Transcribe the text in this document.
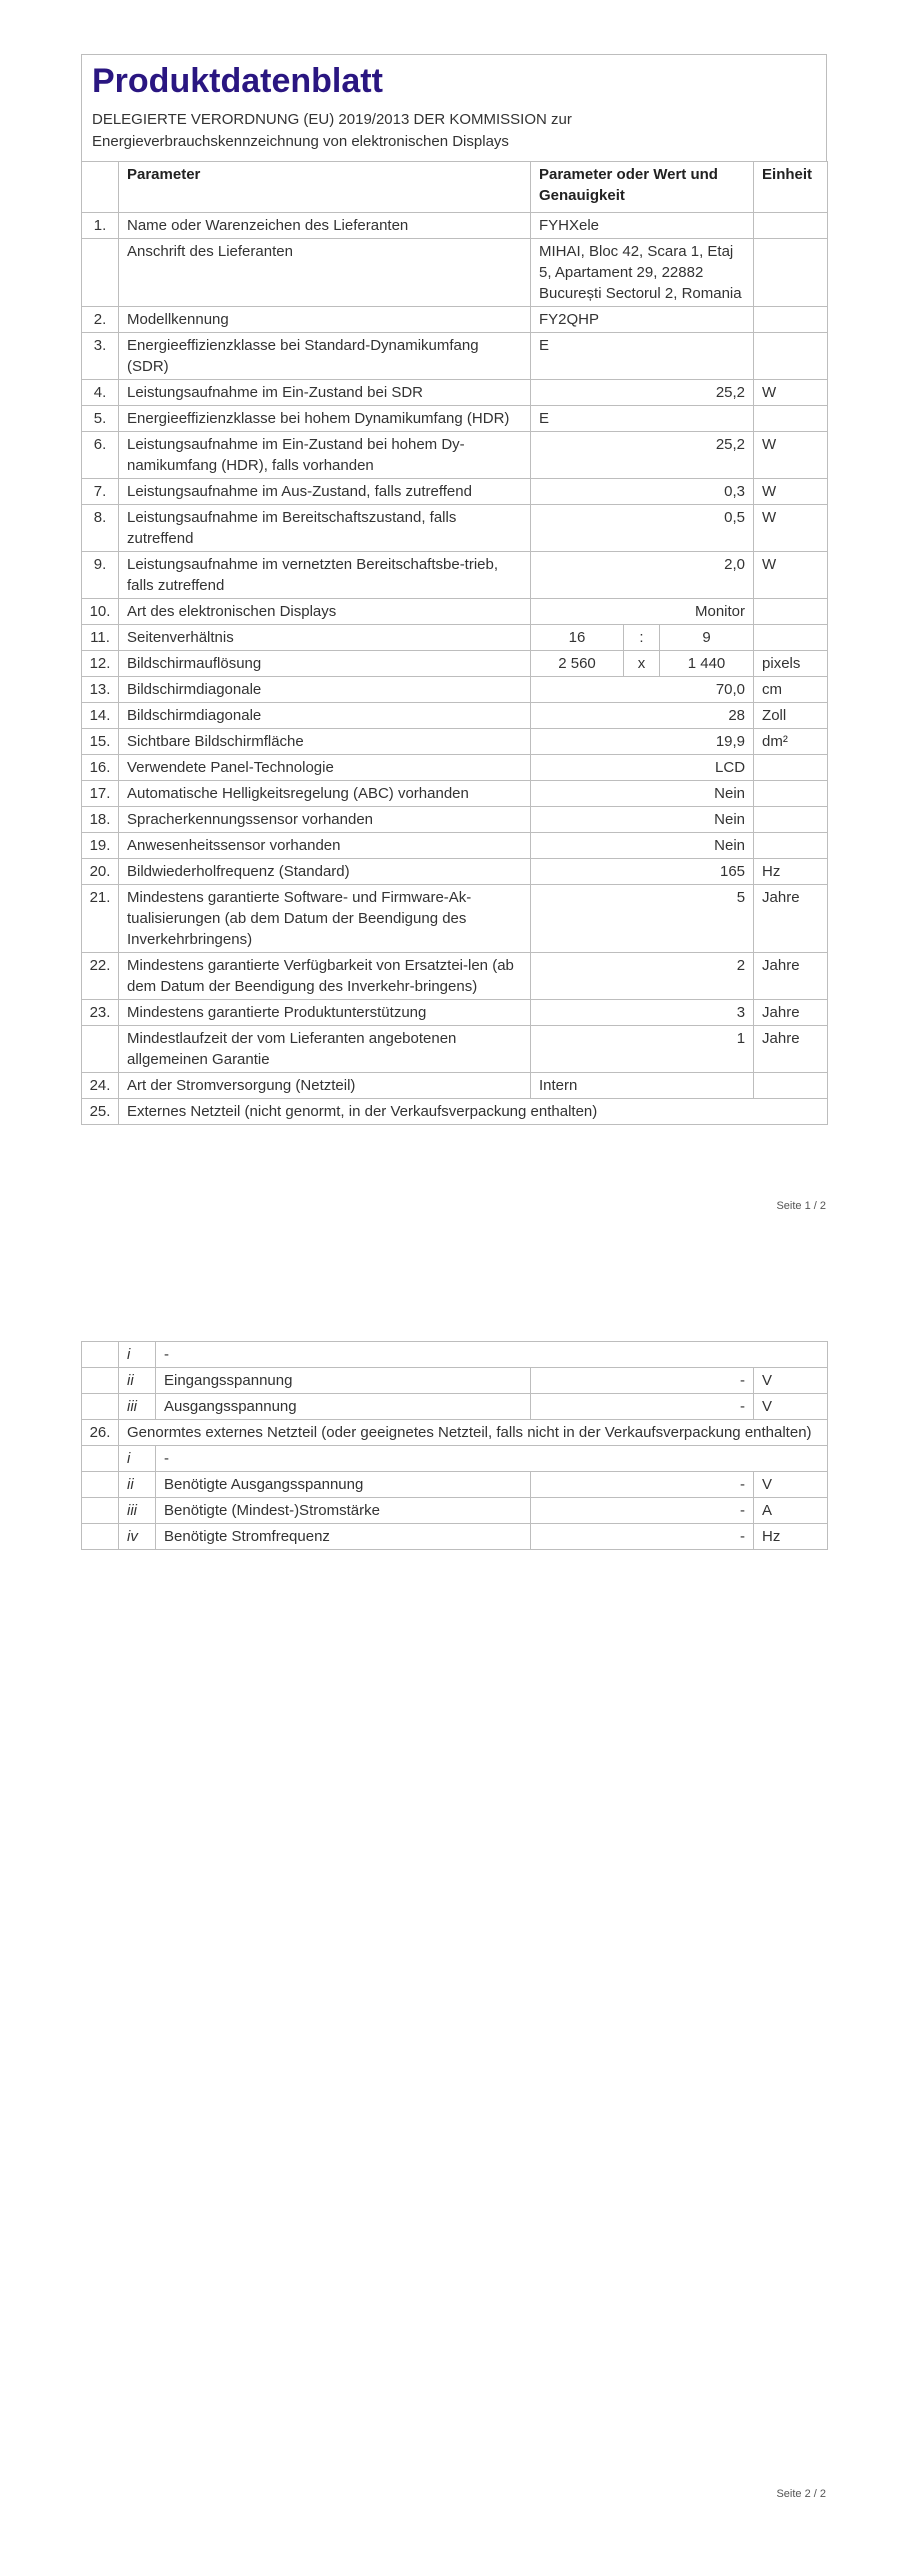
Produktdatenblatt
DELEGIERTE VERORDNUNG (EU) 2019/2013 DER KOMMISSION zur
Energieverbrauchskennzeichnung von elektronischen Displays
	Parameter	Parameter oder Wert und Genauigkeit			Einheit
1.	Name oder Warenzeichen des Lieferanten	FYHXele			
	Anschrift des Lieferanten	MIHAI, Bloc 42, Scara 1, Etaj 5, Apartament 29, 22882 București Sectorul 2, Romania			
2.	Modellkennung	FY2QHP			
3.	Energieeffizienzklasse bei Standard-Dynamikumfang (SDR)	E			
4.	Leistungsaufnahme im Ein-Zustand bei SDR	25,2			W
5.	Energieeffizienzklasse bei hohem Dynamikumfang (HDR)	E			
6.	Leistungsaufnahme im Ein-Zustand bei hohem Dy-namikumfang (HDR), falls vorhanden	25,2			W
7.	Leistungsaufnahme im Aus-Zustand, falls zutreffend	0,3			W
8.	Leistungsaufnahme im Bereitschaftszustand, falls zutreffend	0,5			W
9.	Leistungsaufnahme im vernetzten Bereitschaftsbe-trieb, falls zutreffend	2,0			W
10.	Art des elektronischen Displays	Monitor			
11.	Seitenverhältnis	16	:	9	
12.	Bildschirmauflösung	2 560	x	1 440	pixels
13.	Bildschirmdiagonale	70,0			cm
14.	Bildschirmdiagonale	28			Zoll
15.	Sichtbare Bildschirmfläche	19,9			dm²
16.	Verwendete Panel-Technologie	LCD			
17.	Automatische Helligkeitsregelung (ABC) vorhanden	Nein			
18.	Spracherkennungssensor vorhanden	Nein			
19.	Anwesenheitssensor vorhanden	Nein			
20.	Bildwiederholfrequenz (Standard)	165			Hz
21.	Mindestens garantierte Software- und Firmware-Ak-tualisierungen (ab dem Datum der Beendigung des Inverkehrbringens)	5			Jahre
22.	Mindestens garantierte Verfügbarkeit von Ersatztei-len (ab dem Datum der Beendigung des Inverkehr-bringens)	2			Jahre
23.	Mindestens garantierte Produktunterstützung	3			Jahre
	Mindestlaufzeit der vom Lieferanten angebotenen allgemeinen Garantie	1			Jahre
24.	Art der Stromversorgung (Netzteil)	Intern			
25.	Externes Netzteil (nicht genormt, in der Verkaufsverpackung enthalten)				
Seite 1 / 2
	i	-		
	ii	Eingangsspannung	-	V
	iii	Ausgangsspannung	-	V
26.	Genormtes externes Netzteil (oder geeignetes Netzteil, falls nicht in der Verkaufsverpackung enthalten)			
	i	-		
	ii	Benötigte Ausgangsspannung	-	V
	iii	Benötigte (Mindest-)Stromstärke	-	A
	iv	Benötigte Stromfrequenz	-	Hz
Seite 2 / 2
